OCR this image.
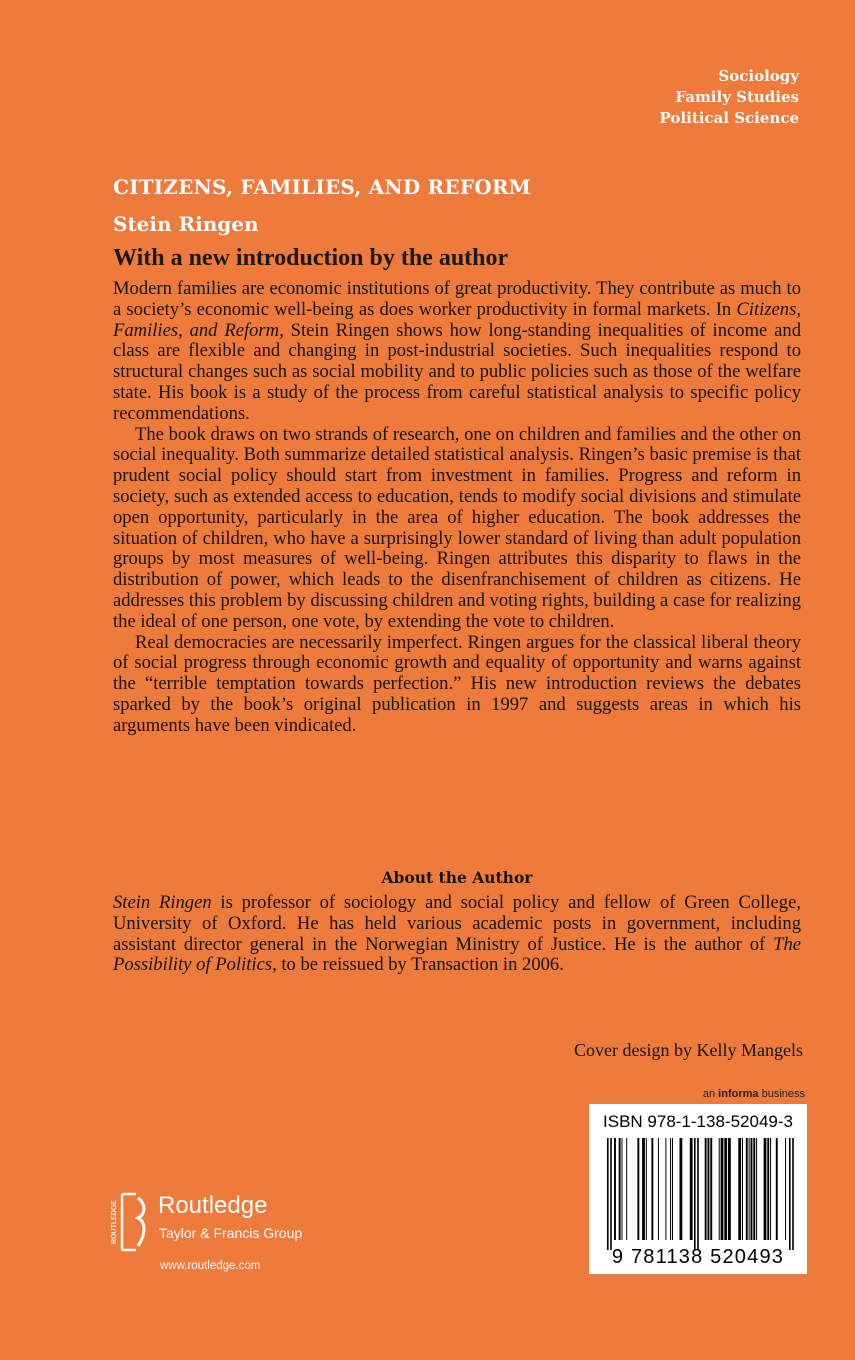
Sociology
Family Studies
Political Science
CITIZENS, FAMILIES, AND REFORM
Stein Ringen
With a new introduction by the author

Modern families are economic institutions of great productivity. They contribute as much to a society’s economic well-being as does worker productivity in formal markets. In Citizens, Families, and Reform, Stein Ringen shows how long-standing inequalities of income and class are flexible and changing in post-industrial societies. Such inequalities respond to structural changes such as social mobility and to public policies such as those of the welfare state. His book is a study of the process from careful statistical analysis to specific policy recommendations.

The book draws on two strands of research, one on children and families and the other on social inequality. Both summarize detailed statistical analysis. Ringen’s basic premise is that prudent social policy should start from investment in families. Progress and reform in society, such as extended access to education, tends to modify social divisions and stimulate open opportunity, particularly in the area of higher education. The book addresses the situation of children, who have a surprisingly lower standard of living than adult population groups by most measures of well-being. Ringen attributes this disparity to flaws in the distribution of power, which leads to the disenfranchisement of children as citizens. He addresses this problem by discussing children and voting rights, building a case for realizing the ideal of one person, one vote, by extending the vote to children.

Real democracies are necessarily imperfect. Ringen argues for the classical liberal theory of social progress through economic growth and equality of opportunity and warns against the “terrible temptation towards perfection.” His new introduction reviews the debates sparked by the book’s original publication in 1997 and suggests areas in which his arguments have been vindicated.

About the Author

Stein Ringen is professor of sociology and social policy and fellow of Green College, University of Oxford. He has held various academic posts in government, including assistant director general in the Norwegian Ministry of Justice. He is the author of The Possibility of Politics, to be reissued by Transaction in 2006.

Cover design by Kelly Mangels
an informa business
ISBN 978-1-138-52049-3
9 781138 520493
ROUTLEDGE Routledge
Taylor & Francis Group
www.routledge.com
